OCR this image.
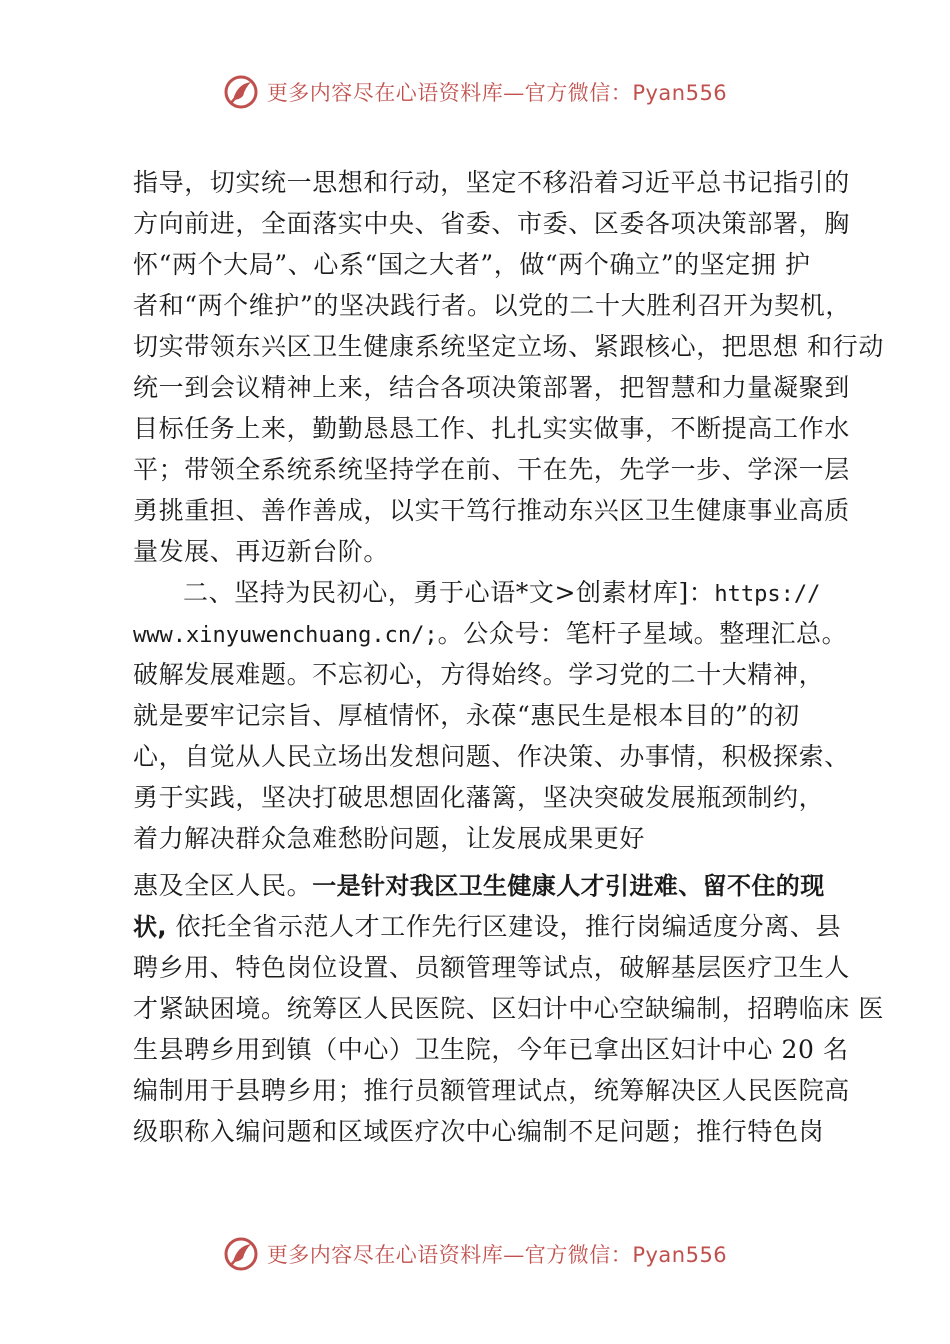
更多内容尽在心语资料库—官方微信：Pyan556
指导，切实统一思想和行动，坚定不移沿着习近平总书记指引的
方向前进，全面落实中央、省委、市委、区委各项决策部署，胸
怀“两个大局”、心系“国之大者”，做“两个确立”的坚定拥 护
者和“两个维护”的坚决践行者。以党的二十大胜利召开为契机，
切实带领东兴区卫生健康系统坚定立场、紧跟核心，把思想 和行动
统一到会议精神上来，结合各项决策部署，把智慧和力量凝聚到
目标任务上来，勤勤恳恳工作、扎扎实实做事，不断提高工作水
平；带领全系统系统坚持学在前、干在先，先学一步、学深一层
勇挑重担、善作善成，以实干笃行推动东兴区卫生健康事业高质
量发展、再迈新台阶。
二、坚持为民初心，勇于心语*文>创素材库]：https://
www.xinyuwenchuang.cn/;。公众号：笔杆子星域。整理汇总。
破解发展难题。不忘初心，方得始终。学习党的二十大精神，
就是要牢记宗旨、厚植情怀，永葆“惠民生是根本目的”的初
心，自觉从人民立场出发想问题、作决策、办事情，积极探索、
勇于实践，坚决打破思想固化藩篱，坚决突破发展瓶颈制约，
着力解决群众急难愁盼问题，让发展成果更好
惠及全区人民。一是针对我区卫生健康人才引进难、留不住的现
状, 依托全省示范人才工作先行区建设，推行岗编适度分离、县
聘乡用、特色岗位设置、员额管理等试点，破解基层医疗卫生人
才紧缺困境。统筹区人民医院、区妇计中心空缺编制，招聘临床 医
生县聘乡用到镇（中心）卫生院，今年已拿出区妇计中心 20 名
编制用于县聘乡用；推行员额管理试点，统筹解决区人民医院高
级职称入编问题和区域医疗次中心编制不足问题；推行特色岗
更多内容尽在心语资料库—官方微信：Pyan556
